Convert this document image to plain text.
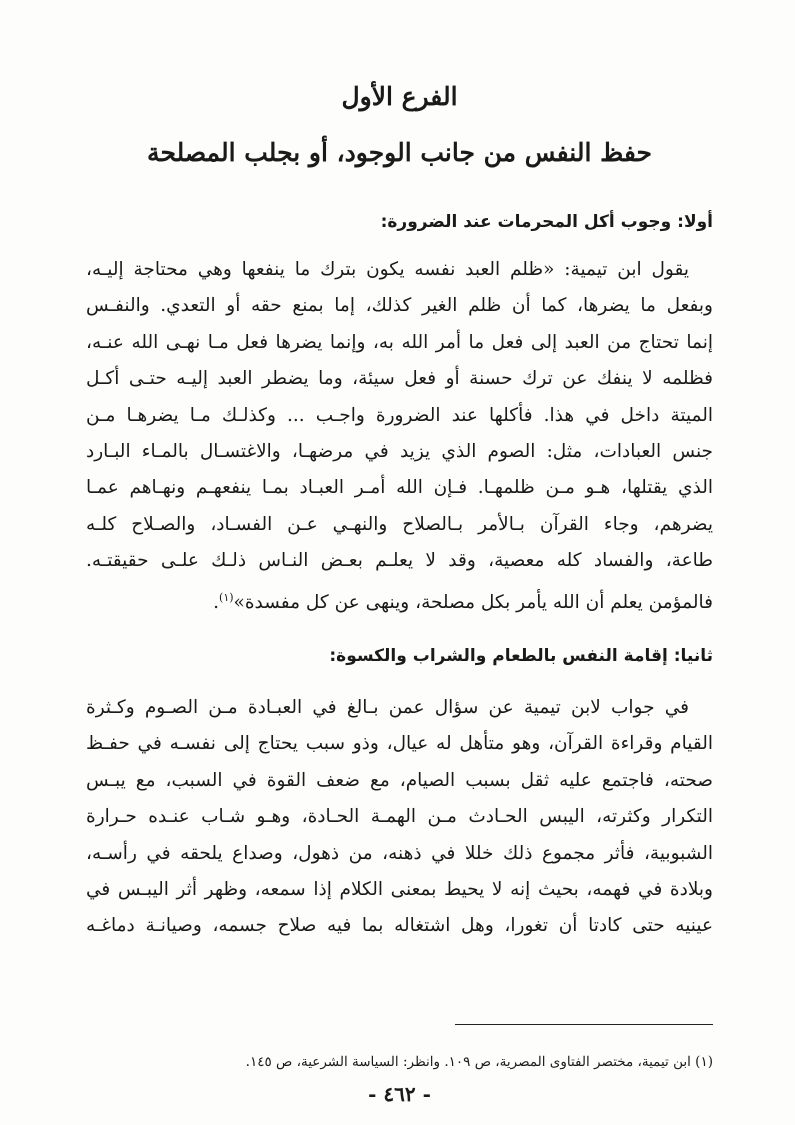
الفرع الأول
حفظ النفس من جانب الوجود، أو بجلب المصلحة
أولا: وجوب أكل المحرمات عند الضرورة:
يقول ابن تيمية: «ظلم العبد نفسه يكون بترك ما ينفعها وهي محتاجة إليـه،
وبفعل ما يضرها، كما أن ظلم الغير كذلك، إما بمنع حقه أو التعدي. والنفـس
إنما تحتاج من العبد إلى فعل ما أمر الله به، وإنما يضرها فعل مـا نهـى الله عنـه،
فظلمه لا ينفك عن ترك حسنة أو فعل سيئة، وما يضطر العبد إليـه حتـى أكـل
الميتة داخل في هذا. فأكلها عند الضرورة واجـب ... وكذلـك مـا يضرهـا مـن
جنس العبادات، مثل: الصوم الذي يزيد في مرضهـا، والاغتسـال بالمـاء البـارد
الذي يقتلها، هـو مـن ظلمهـا. فـإن الله أمـر العبـاد بمـا ينفعهـم ونهـاهم عمـا
يضرهم، وجاء القرآن بـالأمر بـالصلاح والنهـي عـن الفسـاد، والصـلاح كلـه
طاعة، والفساد كله معصية، وقد لا يعلـم بعـض النـاس ذلـك علـى حقيقتـه.
فالمؤمن يعلم أن الله يأمر بكل مصلحة، وينهى عن كل مفسدة»$^{(١)}$.
ثانيا: إقامة النفس بالطعام والشراب والكسوة:
في جواب لابن تيمية عن سؤال عمن بـالغ في العبـادة مـن الصـوم وكـثرة
القيام وقراءة القرآن، وهو متأهل له عيال، وذو سبب يحتاج إلى نفسـه في حفـظ
صحته، فاجتمع عليه ثقل بسبب الصيام، مع ضعف القوة في السبب، مع يبـس
التكرار وكثرته، اليبس الحـادث مـن الهمـة الحـادة، وهـو شـاب عنـده حـرارة
الشبوبية، فأثر مجموع ذلك خللا في ذهنه، من ذهول، وصداع يلحقه في رأسـه،
وبلادة في فهمه، بحيث إنه لا يحيط بمعنى الكلام إذا سمعه، وظهر أثر اليبـس في
عينيه حتى كادتا أن تغورا، وهل اشتغاله بما فيه صلاح جسمه، وصيانـة دماغـه
(١) ابن تيمية، مختصر الفتاوى المصرية، ص ١٠٩. وانظر: السياسة الشرعية، ص ١٤٥.
- ٤٦٢ -
